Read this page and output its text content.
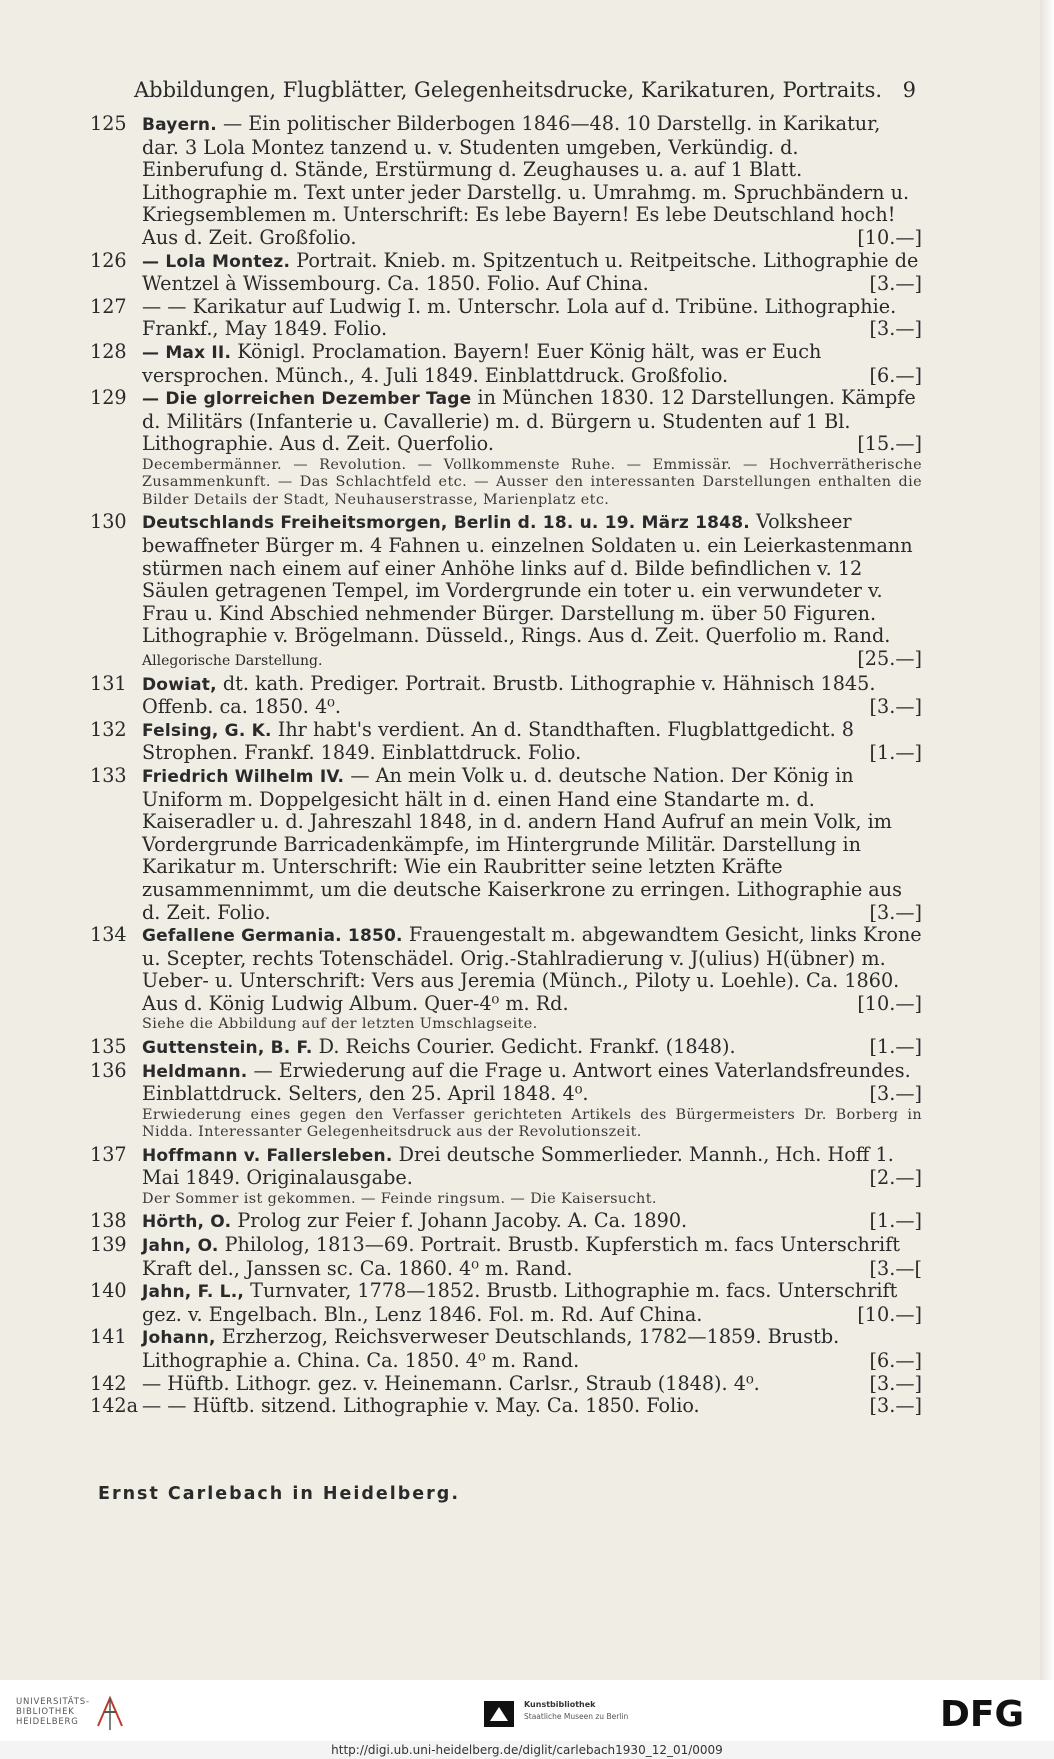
Abbildungen, Flugblätter, Gelegenheitsdrucke, Karikaturen, Portraits. 9
125 Bayern. — Ein politischer Bilderbogen 1846—48. 10 Darstellg. in Karikatur, dar. 3 Lola Montez tanzend u. v. Studenten umgeben, Verkündig. d. Einberufung d. Stände, Erstürmung d. Zeughauses u. a. auf 1 Blatt. Lithographie m. Text unter jeder Darstellg. u. Umrahmg. m. Spruchbändern u. Kriegsemblemen m. Unterschrift: Es lebe Bayern! Es lebe Deutschland hoch! Aus d. Zeit. Großfolio.	[10.—]
126 — Lola Montez. Portrait. Knieb. m. Spitzentuch u. Reitpeitsche. Lithographie de Wentzel à Wissembourg. Ca. 1850. Folio. Auf China.	[3.—]
127 — — Karikatur auf Ludwig I. m. Unterschr. Lola auf d. Tribüne. Lithographie. Frankf., May 1849. Folio.	[3.—]
128 — Max II. Königl. Proclamation. Bayern! Euer König hält, was er Euch versprochen. Münch., 4. Juli 1849. Einblattdruck. Großfolio.	[6.—]
129 — Die glorreichen Dezember Tage in München 1830. 12 Darstellungen. Kämpfe d. Militärs (Infanterie u. Cavallerie) m. d. Bürgern u. Studenten auf 1 Bl. Lithographie. Aus d. Zeit. Querfolio.	[15.—]
Decembermänner. — Revolution. — Vollkommenste Ruhe. — Emmissär. — Hochverrätherische Zusammenkunft. — Das Schlachtfeld etc. — Ausser den interessanten Darstellungen enthalten die Bilder Details der Stadt, Neuhauserstrasse, Marienplatz etc.
130 Deutschlands Freiheitsmorgen, Berlin d. 18. u. 19. März 1848. Volksheer bewaffneter Bürger m. 4 Fahnen u. einzelnen Soldaten u. ein Leierkastenmann stürmen nach einem auf einer Anhöhe links auf d. Bilde befindlichen v. 12 Säulen getragenen Tempel, im Vordergrunde ein toter u. ein verwundeter v. Frau u. Kind Abschied nehmender Bürger. Darstellung m. über 50 Figuren. Lithographie v. Brögelmann. Düsseld., Rings. Aus d. Zeit. Querfolio m. Rand. Allegorische Darstellung.	[25.—]
131 Dowiat, dt. kath. Prediger. Portrait. Brustb. Lithographie v. Hähnisch 1845. Offenb. ca. 1850. 4⁰.	[3.—]
132 Felsing, G. K. Ihr habt's verdient. An d. Standthaften. Flugblattgedicht. 8 Strophen. Frankf. 1849. Einblattdruck. Folio.	[1.—]
133 Friedrich Wilhelm IV. — An mein Volk u. d. deutsche Nation. Der König in Uniform m. Doppelgesicht hält in d. einen Hand eine Standarte m. d. Kaiseradler u. d. Jahreszahl 1848, in d. andern Hand Aufruf an mein Volk, im Vordergrunde Barricadenkämpfe, im Hintergrunde Militär. Darstellung in Karikatur m. Unterschrift: Wie ein Raubritter seine letzten Kräfte zusammennimmt, um die deutsche Kaiserkrone zu erringen. Lithographie aus d. Zeit. Folio.	[3.—]
134 Gefallene Germania. 1850. Frauengestalt m. abgewandtem Gesicht, links Krone u. Scepter, rechts Totenschädel. Orig.-Stahlradierung v. J(ulius) H(übner) m. Ueber- u. Unterschrift: Vers aus Jeremia (Münch., Piloty u. Loehle). Ca. 1860. Aus d. König Ludwig Album. Quer-4⁰ m. Rd.	[10.—]
Siehe die Abbildung auf der letzten Umschlagseite.
135 Guttenstein, B. F. D. Reichs Courier. Gedicht. Frankf. (1848).	[1.—]
136 Heldmann. — Erwiederung auf die Frage u. Antwort eines Vaterlandsfreundes. Einblattdruck. Selters, den 25. April 1848. 4⁰.	[3.—]
Erwiederung eines gegen den Verfasser gerichteten Artikels des Bürgermeisters Dr. Borberg in Nidda. Interessanter Gelegenheitsdruck aus der Revolutionszeit.
137 Hoffmann v. Fallersleben. Drei deutsche Sommerlieder. Mannh., Hch. Hoff 1. Mai 1849. Originalausgabe.	[2.—]
Der Sommer ist gekommen. — Feinde ringsum. — Die Kaisersucht.
138 Hörth, O. Prolog zur Feier f. Johann Jacoby. A. Ca. 1890.	[1.—]
139 Jahn, O. Philolog, 1813—69. Portrait. Brustb. Kupferstich m. facs Unterschrift Kraft del., Janssen sc. Ca. 1860. 4⁰ m. Rand.	[3.—[
140 Jahn, F. L., Turnvater, 1778—1852. Brustb. Lithographie m. facs. Unterschrift gez. v. Engelbach. Bln., Lenz 1846. Fol. m. Rd. Auf China.	[10.—]
141 Johann, Erzherzog, Reichsverweser Deutschlands, 1782—1859. Brustb. Lithographie a. China. Ca. 1850. 4⁰ m. Rand.	[6.—]
142 — Hüftb. Lithogr. gez. v. Heinemann. Carlsr., Straub (1848). 4⁰.	[3.—]
142a — — Hüftb. sitzend. Lithographie v. May. Ca. 1850. Folio.	[3.—]
Ernst Carlebach in Heidelberg.
UNIVERSITÄTS-
BIBLIOTHEK
HEIDELBERG
Kunstbibliothek
Staatliche Museen zu Berlin	DFG
http://digi.ub.uni-heidelberg.de/diglit/carlebach1930_12_01/0009
